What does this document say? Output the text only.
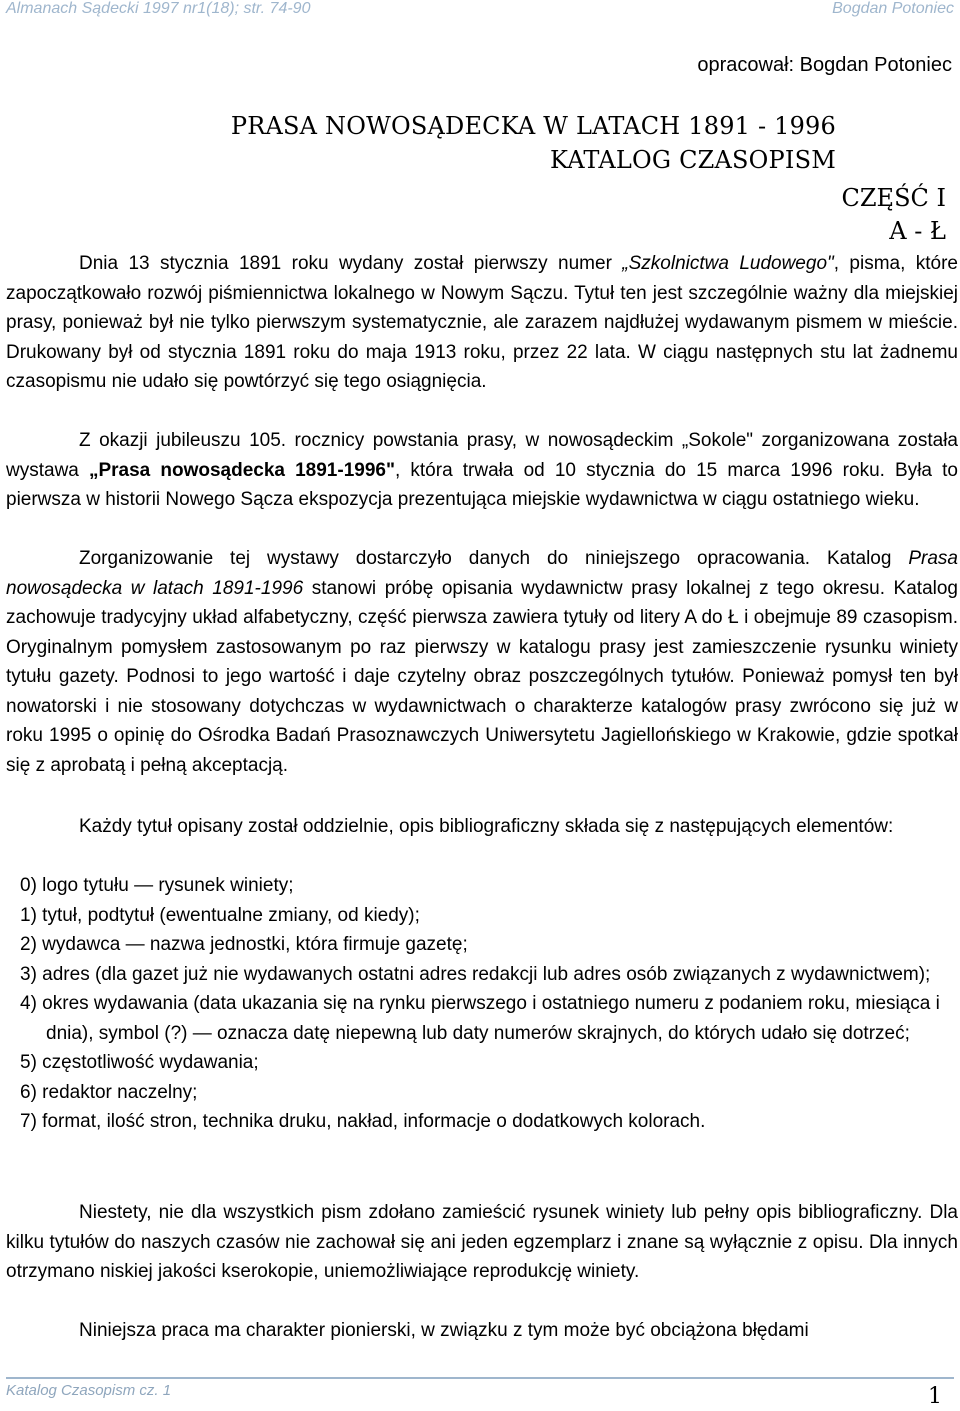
Almanach Sądecki 1997 nr1(18); str. 74-90	Bogdan Potoniec
opracował: Bogdan Potoniec
PRASA NOWOSĄDECKA W LATACH 1891 - 1996
KATALOG CZASOPISM
CZĘŚĆ I
A - Ł
Dnia 13 stycznia 1891 roku wydany został pierwszy numer „Szkolnictwa Ludowego", pisma, które zapoczątkowało rozwój piśmiennictwa lokalnego w Nowym Sączu. Tytuł ten jest szczególnie ważny dla miejskiej prasy, ponieważ był nie tylko pierwszym systematycznie, ale zarazem najdłużej wydawanym pismem w mieście. Drukowany był od stycznia 1891 roku do maja 1913 roku, przez 22 lata. W ciągu następnych stu lat żadnemu czasopismu nie udało się powtórzyć się tego osiągnięcia.
Z okazji jubileuszu 105. rocznicy powstania prasy, w nowosądeckim „Sokole" zorganizowana została wystawa „Prasa nowosądecka 1891-1996", która trwała od 10 stycznia do 15 marca 1996 roku. Była to pierwsza w historii Nowego Sącza ekspozycja prezentująca miejskie wydawnictwa w ciągu ostatniego wieku.
Zorganizowanie tej wystawy dostarczyło danych do niniejszego opracowania. Katalog Prasa nowosądecka w latach 1891-1996 stanowi próbę opisania wydawnictw prasy lokalnej z tego okresu. Katalog zachowuje tradycyjny układ alfabetyczny, część pierwsza zawiera tytuły od litery A do Ł i obejmuje 89 czasopism. Oryginalnym pomysłem zastosowanym po raz pierwszy w katalogu prasy jest zamieszczenie rysunku winiety tytułu gazety. Podnosi to jego wartość i daje czytelny obraz poszczególnych tytułów. Ponieważ pomysł ten był nowatorski i nie stosowany dotychczas w wydawnictwach o charakterze katalogów prasy zwrócono się już w roku 1995 o opinię do Ośrodka Badań Prasoznawczych Uniwersytetu Jagiellońskiego w Krakowie, gdzie spotkał się z aprobatą i pełną akceptacją.
Każdy tytuł opisany został oddzielnie, opis bibliograficzny składa się z następujących elementów:
0) logo tytułu — rysunek winiety;
1) tytuł, podtytuł (ewentualne zmiany, od kiedy);
2) wydawca — nazwa jednostki, która firmuje gazetę;
3) adres (dla gazet już nie wydawanych ostatni adres redakcji lub adres osób związanych z wydawnictwem);
4) okres wydawania (data ukazania się na rynku pierwszego i ostatniego numeru z podaniem roku, miesiąca i dnia), symbol (?) — oznacza datę niepewną lub daty numerów skrajnych, do których udało się dotrzeć;
5) częstotliwość wydawania;
6) redaktor naczelny;
7) format, ilość stron, technika druku, nakład, informacje o dodatkowych kolorach.
Niestety, nie dla wszystkich pism zdołano zamieścić rysunek winiety lub pełny opis bibliograficzny. Dla kilku tytułów do naszych czasów nie zachował się ani jeden egzemplarz i znane są wyłącznie z opisu. Dla innych otrzymano niskiej jakości kserokopie, uniemożliwiające reprodukcję winiety.
Niniejsza praca ma charakter pionierski, w związku z tym może być obciążona błędami
Katalog Czasopism cz. 1	1
